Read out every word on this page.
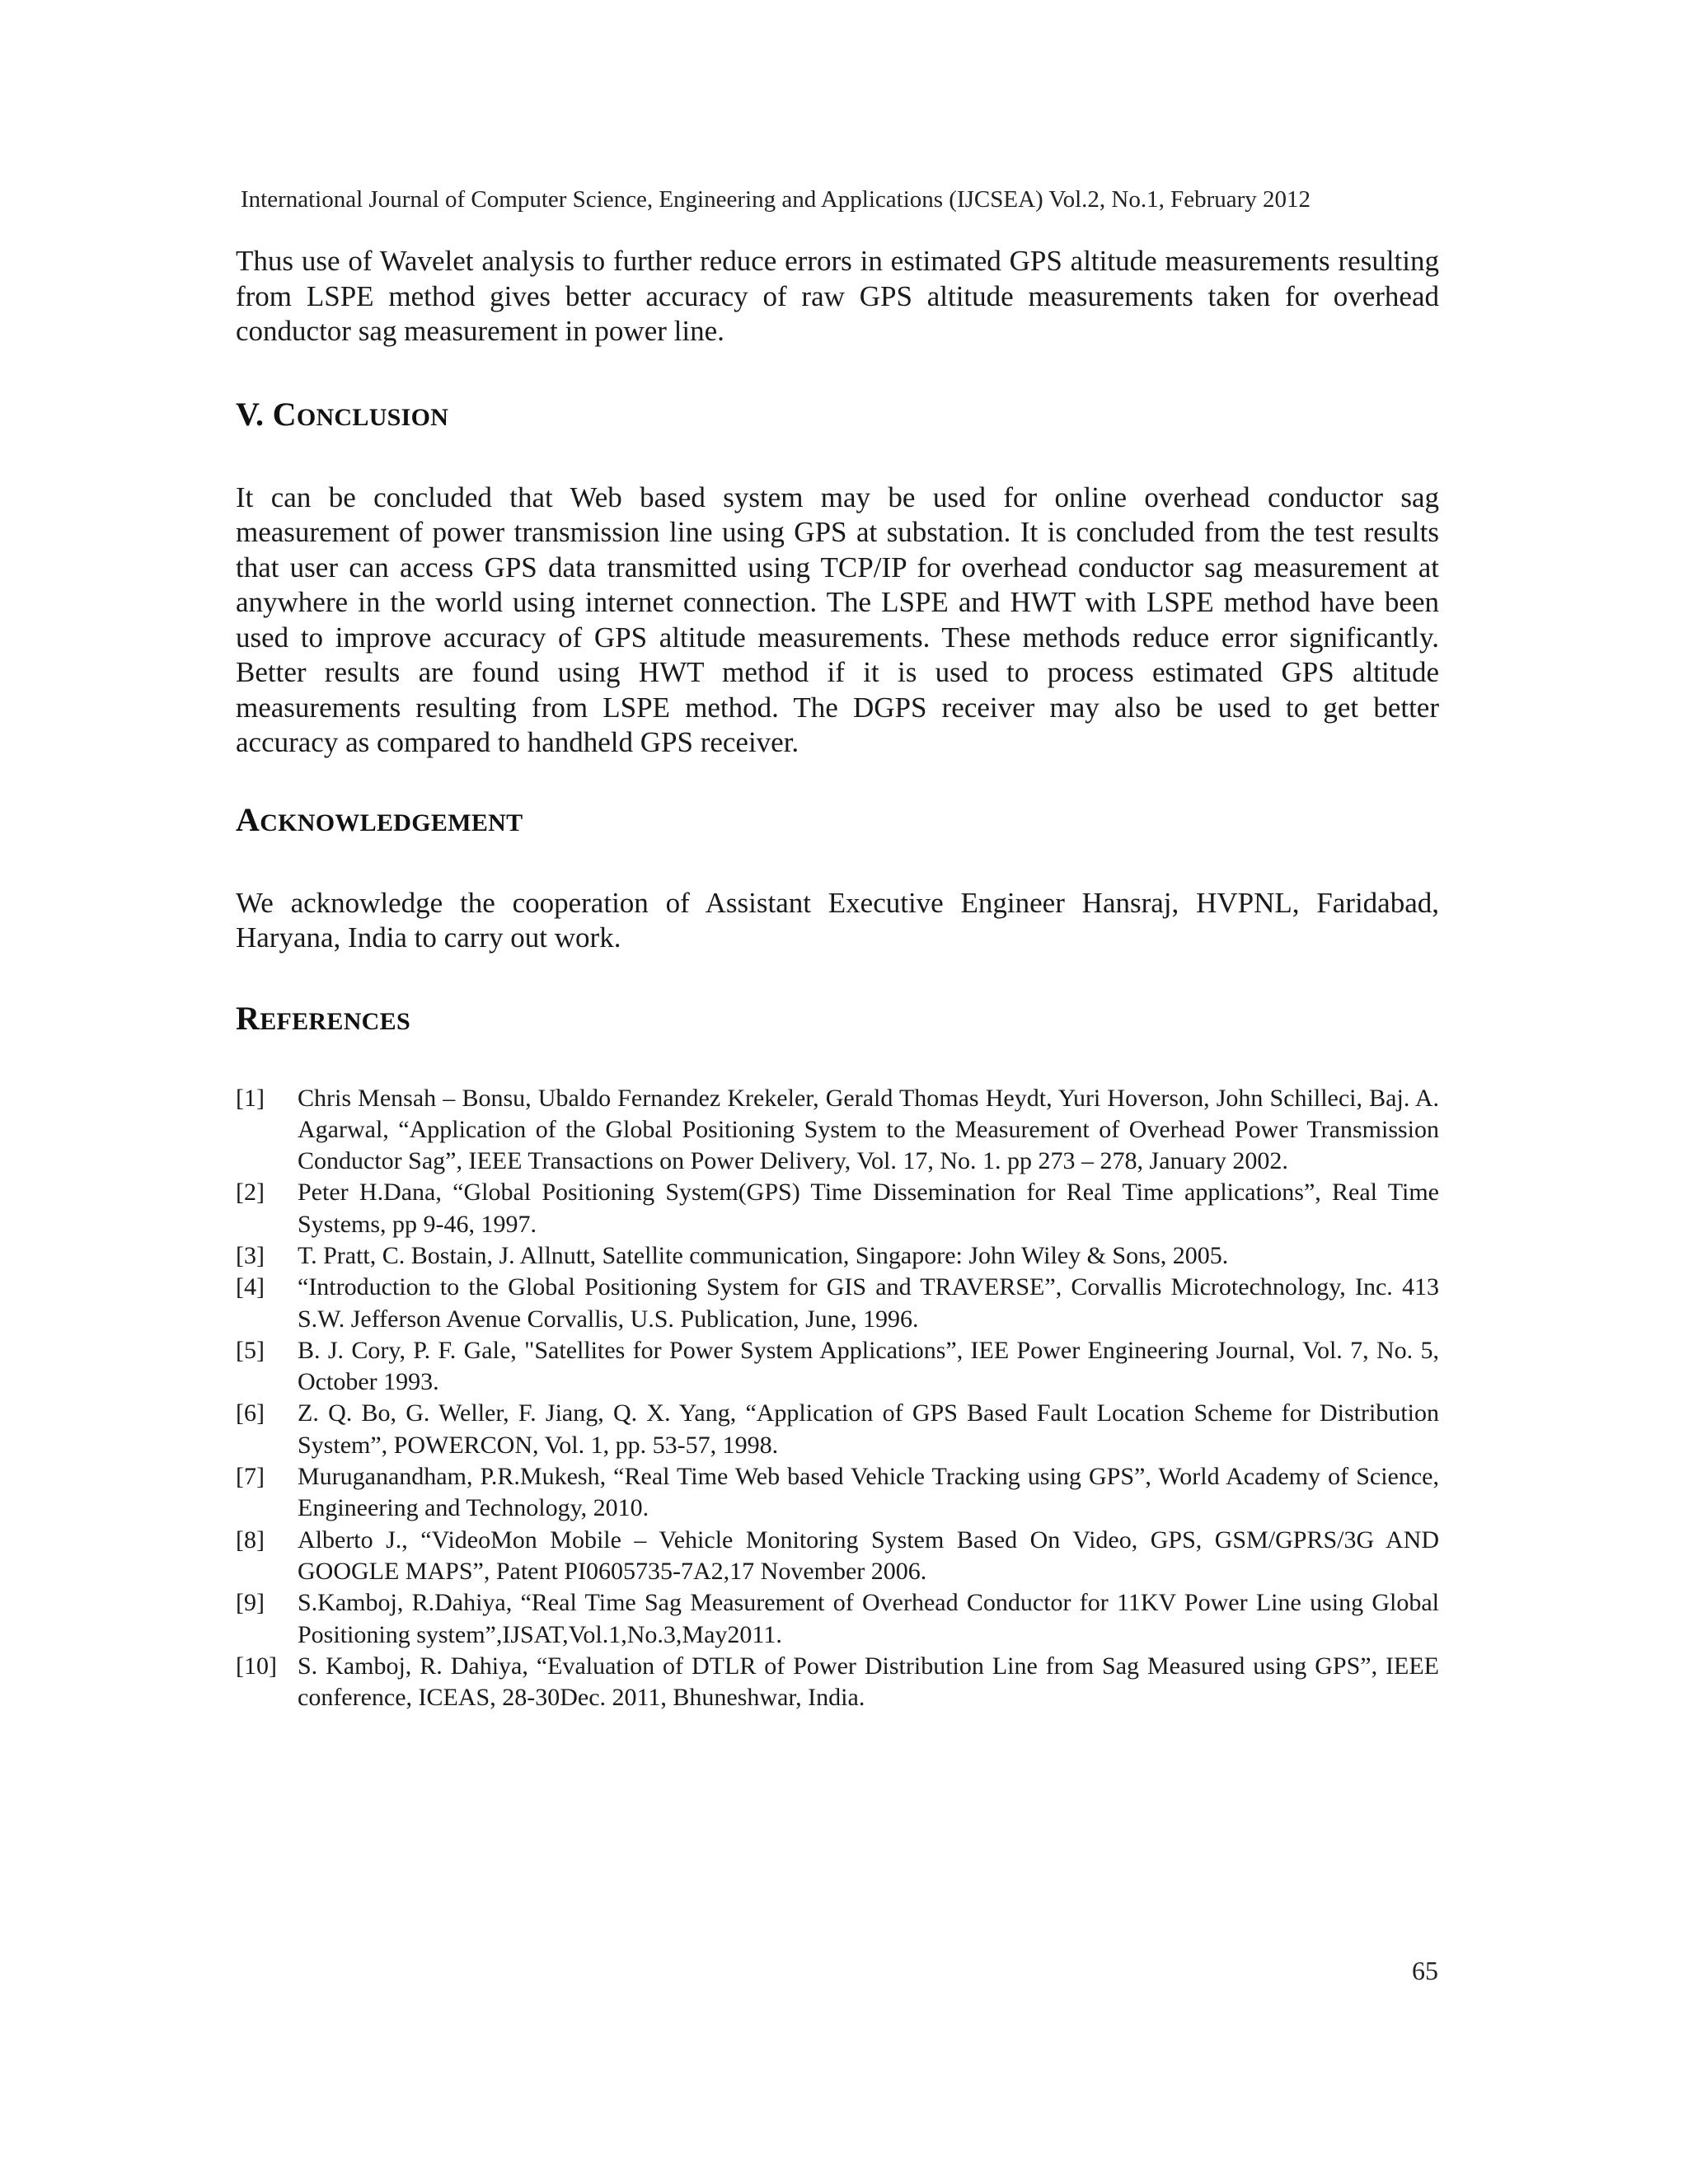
International Journal of Computer Science, Engineering and Applications (IJCSEA) Vol.2, No.1, February 2012

Thus use of Wavelet analysis to further reduce errors in estimated GPS altitude measurements resulting from LSPE method gives better accuracy of raw GPS altitude measurements taken for overhead conductor sag measurement in power line.

V. CONCLUSION

It can be concluded that Web based system may be used for online overhead conductor sag measurement of power transmission line using GPS at substation. It is concluded from the test results that user can access GPS data transmitted using TCP/IP for overhead conductor sag measurement at anywhere in the world using internet connection. The LSPE and HWT with LSPE method have been used to improve accuracy of GPS altitude measurements. These methods reduce error significantly. Better results are found using HWT method if it is used to process estimated GPS altitude measurements resulting from LSPE method. The DGPS receiver may also be used to get better accuracy as compared to handheld GPS receiver.

ACKNOWLEDGEMENT

We acknowledge the cooperation of Assistant Executive Engineer Hansraj, HVPNL, Faridabad, Haryana, India to carry out work.

REFERENCES
[1]	Chris Mensah – Bonsu, Ubaldo Fernandez Krekeler, Gerald Thomas Heydt, Yuri Hoverson, John Schilleci, Baj. A. Agarwal, “Application of the Global Positioning System to the Measurement of Overhead Power Transmission Conductor Sag”, IEEE Transactions on Power Delivery, Vol. 17, No. 1. pp 273 – 278, January 2002.
[2]	Peter H.Dana, “Global Positioning System(GPS) Time Dissemination for Real Time applications”, Real Time Systems, pp 9-46, 1997.
[3]	T. Pratt, C. Bostain, J. Allnutt, Satellite communication, Singapore: John Wiley & Sons, 2005.
[4]	“Introduction to the Global Positioning System for GIS and TRAVERSE”, Corvallis Microtechnology, Inc. 413 S.W. Jefferson Avenue Corvallis, U.S. Publication, June, 1996.
[5]	B. J. Cory, P. F. Gale, "Satellites for Power System Applications”, IEE Power Engineering Journal, Vol. 7, No. 5, October 1993.
[6]	Z. Q. Bo, G. Weller, F. Jiang, Q. X. Yang, “Application of GPS Based Fault Location Scheme for Distribution System”, POWERCON, Vol. 1, pp. 53-57, 1998.
[7]	Muruganandham, P.R.Mukesh, “Real Time Web based Vehicle Tracking using GPS”, World Academy of Science, Engineering and Technology, 2010.
[8]	Alberto J., “VideoMon Mobile – Vehicle Monitoring System Based On Video, GPS, GSM/GPRS/3G AND GOOGLE MAPS”, Patent PI0605735-7A2,17 November 2006.
[9]	S.Kamboj, R.Dahiya, “Real Time Sag Measurement of Overhead Conductor for 11KV Power Line using Global Positioning system”,IJSAT,Vol.1,No.3,May2011.
[10] S. Kamboj, R. Dahiya, “Evaluation of DTLR of Power Distribution Line from Sag Measured using GPS”, IEEE conference, ICEAS, 28-30Dec. 2011, Bhuneshwar, India.
65
